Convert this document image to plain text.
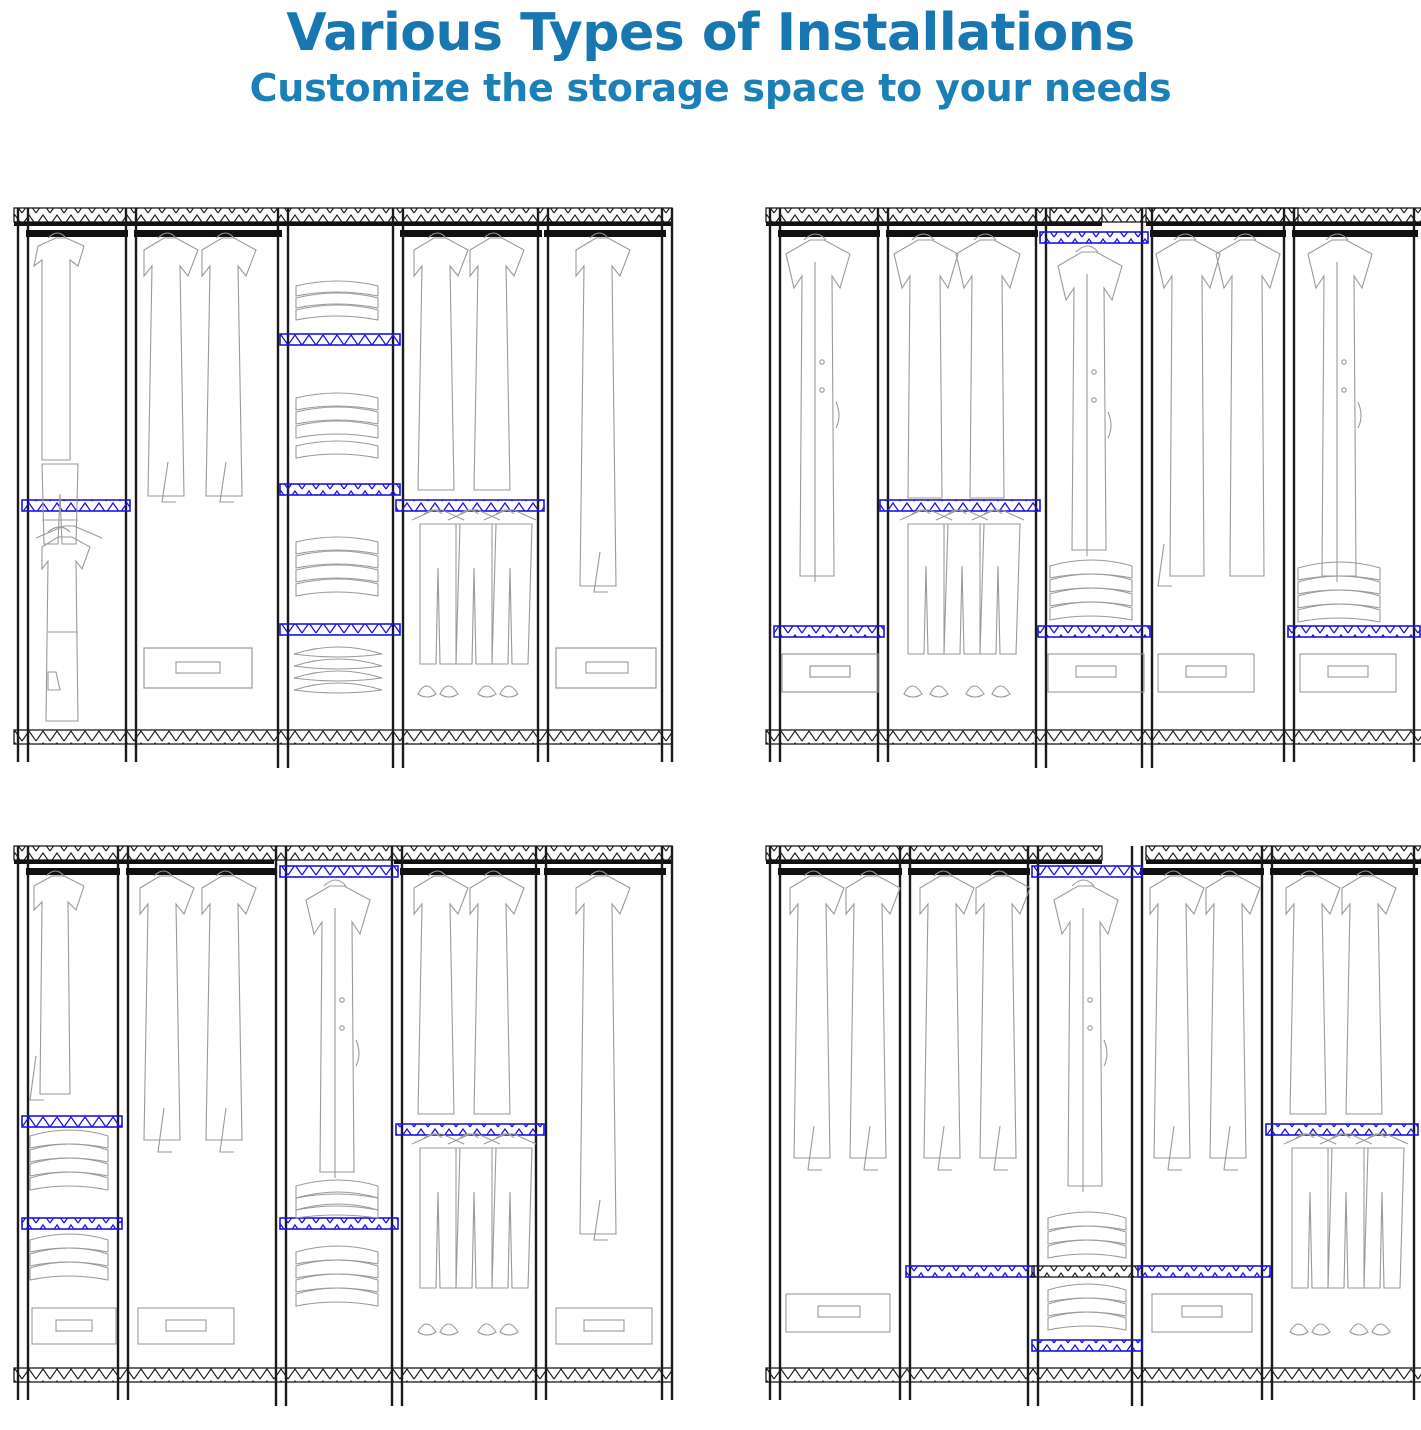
Various Types of Installations
Customize the storage space to your needs
